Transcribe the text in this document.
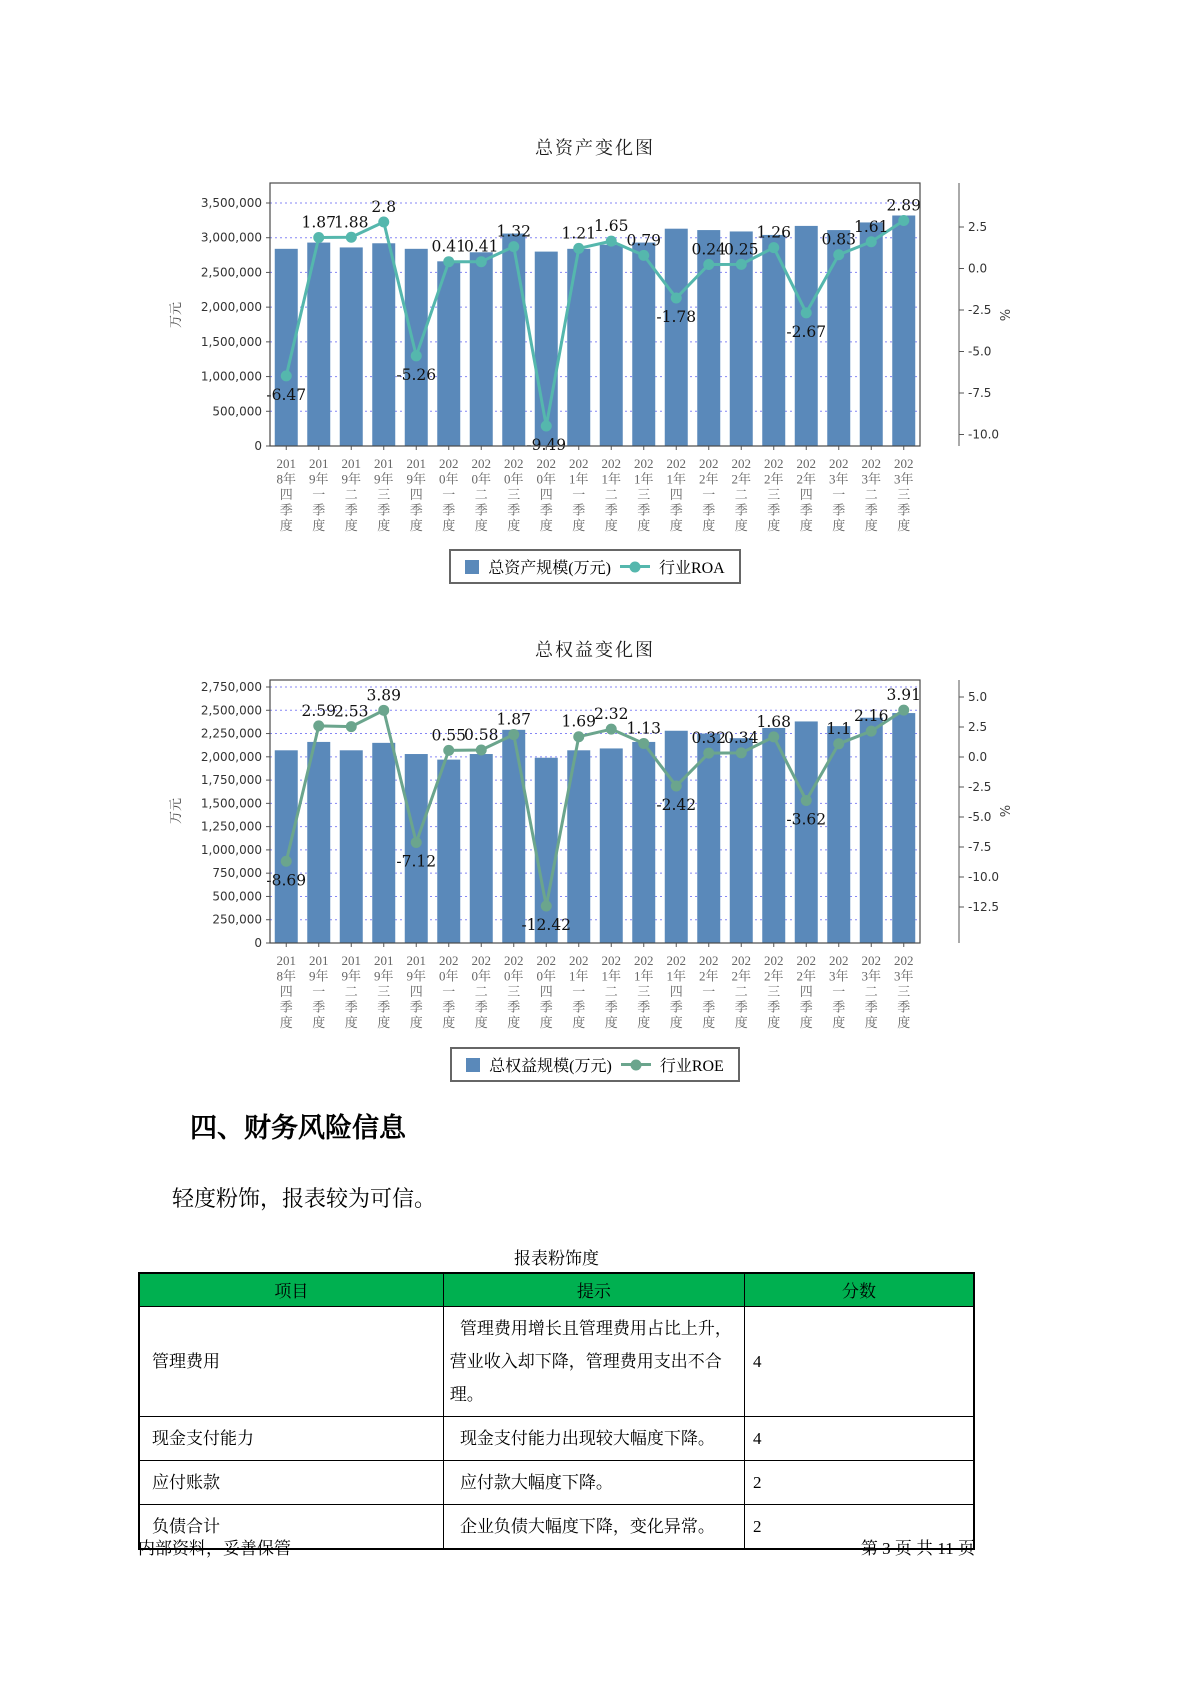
总资产变化图
总权益变化图
0
500,000
1,000,000
1,500,000
2,000,000
2,500,000
3,000,000
3,500,000
201 8年四季度
201 9年一季度
201 9年二季度
201 9年三季度
201 9年四季度
202 0年一季度
202 0年二季度
202 0年三季度
202 0年四季度
202 1年一季度
202 1年二季度
202 1年三季度
202 1年四季度
202 2年一季度
202 2年二季度
202 2年三季度
202 2年四季度
202 3年一季度
202 3年二季度
202 3年三季度
-6.47
1.87
1.88
2.8
-5.26
0.41
0.41
1.32
-9.49
1.21
1.65
0.79
-1.78
0.24
0.25
1.26
-2.67
0.83
1.61
2.89
2.5
0.0
-2.5
-5.0
-7.5
-10.0
万元	%
0
250,000
500,000
750,000
1,000,000
1,250,000
1,500,000
1,750,000
2,000,000
2,250,000
2,500,000
2,750,000
201 8年四季度
201 9年一季度
201 9年二季度
201 9年三季度
201 9年四季度
202 0年一季度
202 0年二季度
202 0年三季度
202 0年四季度
202 1年一季度
202 1年二季度
202 1年三季度
202 1年四季度
202 2年一季度
202 2年二季度
202 2年三季度
202 2年四季度
202 3年一季度
202 3年二季度
202 3年三季度
-8.69
2.59
2.53
3.89
-7.12
0.55
0.58
1.87
-12.42
1.69
2.32
1.13
-2.42
0.32
0.34
1.68
-3.62
1.1
2.16
3.91	5.0
2.5
0.0
-2.5
-5.0
-7.5
-10.0
-12.5
万元	%
总资产规模(万元)	行业ROA
总权益规模(万元)	行业ROE
四、财务风险信息
轻度粉饰，报表较为可信。
报表粉饰度
项目	提示	分数
管理费用	管理费用增长且管理费用占比上升，营业收入却下降，管理费用支出不合理。	4
现金支付能力	现金支付能力出现较大幅度下降。	4
应付账款	应付款大幅度下降。	2
负债合计	企业负债大幅度下降，变化异常。	2
内部资料，妥善保管	第 3 页 共 11 页
